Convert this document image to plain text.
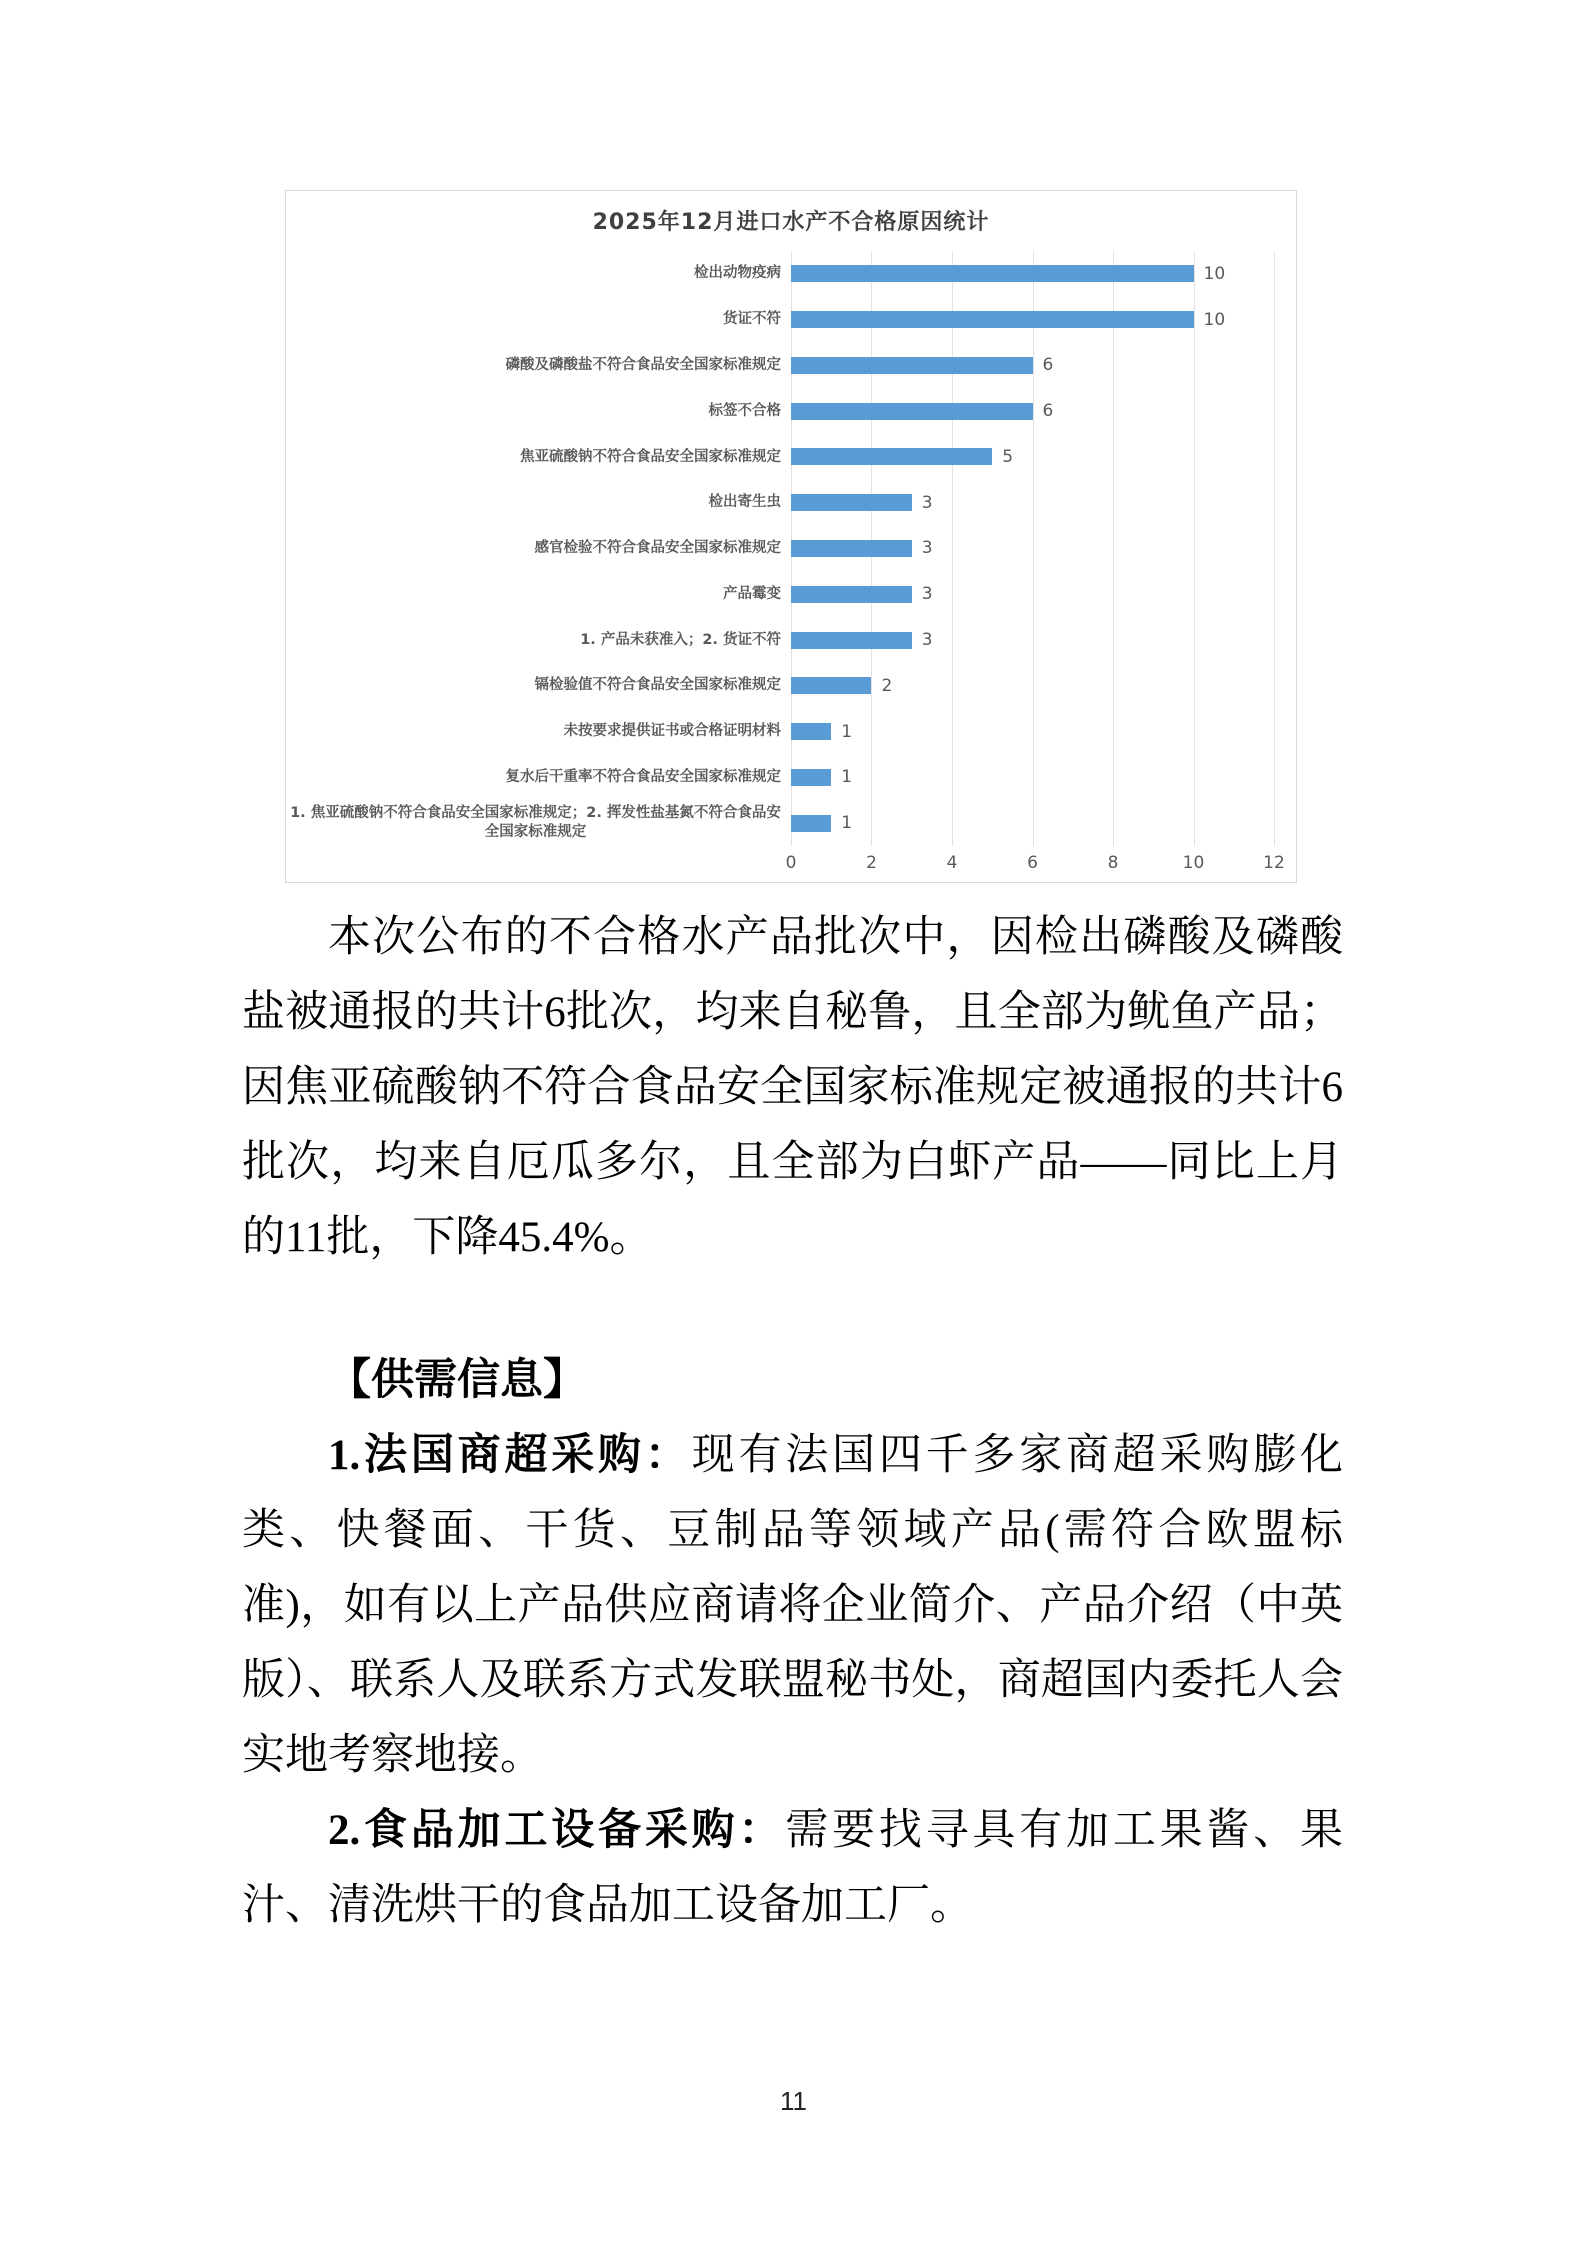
2025年12月进口水产不合格原因统计
检出动物疫病	10
货证不符	10
磷酸及磷酸盐不符合食品安全国家标准规定	6
标签不合格	6
焦亚硫酸钠不符合食品安全国家标准规定	5
检出寄生虫	3
感官检验不符合食品安全国家标准规定	3
产品霉变	3
1. 产品未获准入；2. 货证不符	3
镉检验值不符合食品安全国家标准规定	2
未按要求提供证书或合格证明材料	1
复水后干重率不符合食品安全国家标准规定	1
1. 焦亚硫酸钠不符合食品安全国家标准规定；2. 挥发性盐基氮不符合食品安全国家标准规定	1
0	2	4	6	8	10	12

本次公布的不合格水产品批次中，因检出磷酸及磷酸盐被通报的共计6批次，均来自秘鲁，且全部为鱿鱼产品；因焦亚硫酸钠不符合食品安全国家标准规定被通报的共计6批次，均来自厄瓜多尔，且全部为白虾产品——同比上月的11批，下降45.4%。

【供需信息】

1.法国商超采购：现有法国四千多家商超采购膨化类、快餐面、干货、豆制品等领域产品(需符合欧盟标准)，如有以上产品供应商请将企业简介、产品介绍（中英版）、联系人及联系方式发联盟秘书处，商超国内委托人会实地考察地接。

2.食品加工设备采购：需要找寻具有加工果酱、果汁、清洗烘干的食品加工设备加工厂。

11
